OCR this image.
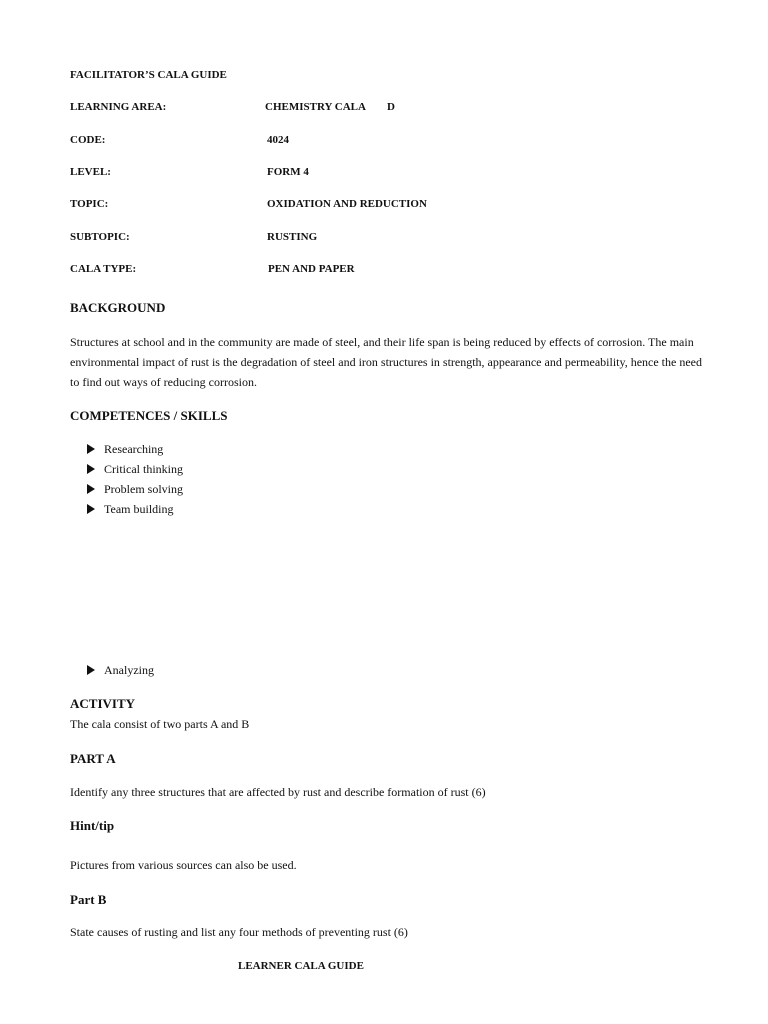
FACILITATOR’S CALA GUIDE
LEARNING AREA:	CHEMISTRY CALA D
CODE:	4024
LEVEL:	FORM 4
TOPIC:	OXIDATION AND REDUCTION
SUBTOPIC:	RUSTING
CALA TYPE:	PEN AND PAPER
BACKGROUND
Structures at school and in the community are made of steel, and their life span is being reduced by effects of corrosion. The main environmental impact of rust is the degradation of steel and iron structures in strength, appearance and permeability, hence the need to find out ways of reducing corrosion.
COMPETENCES / SKILLS
Researching
Critical thinking
Problem solving
Team building
Analyzing
ACTIVITY
The cala consist of two parts A and B
PART A
Identify any three structures that are affected by rust and describe formation of rust (6)
Hint/tip
Pictures from various sources can also be used.
Part B
State causes of rusting and list any four methods of preventing rust (6)
LEARNER CALA GUIDE
